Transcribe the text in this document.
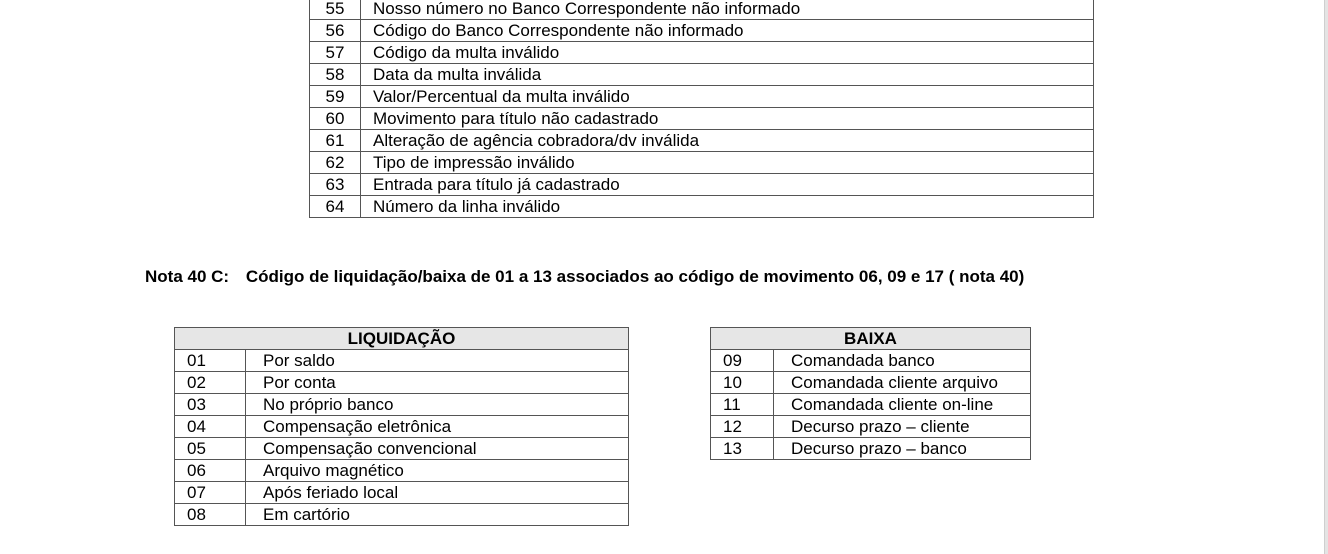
55	Nosso número no Banco Correspondente não informado
56	Código do Banco Correspondente não informado
57	Código da multa inválido
58	Data da multa inválida
59	Valor/Percentual da multa inválido
60	Movimento para título não cadastrado
61	Alteração de agência cobradora/dv inválida
62	Tipo de impressão inválido
63	Entrada para título já cadastrado
64	Número da linha inválido
Nota 40 C: Código de liquidação/baixa de 01 a 13 associados ao código de movimento 06, 09 e 17 ( nota 40)
LIQUIDAÇÃO	
01	Por saldo
02	Por conta
03	No próprio banco
04	Compensação eletrônica
05	Compensação convencional
06	Arquivo magnético
07	Após feriado local
08	Em cartório
BAIXA	
09	Comandada banco
10	Comandada cliente arquivo
11	Comandada cliente on-line
12	Decurso prazo – cliente
13	Decurso prazo – banco
